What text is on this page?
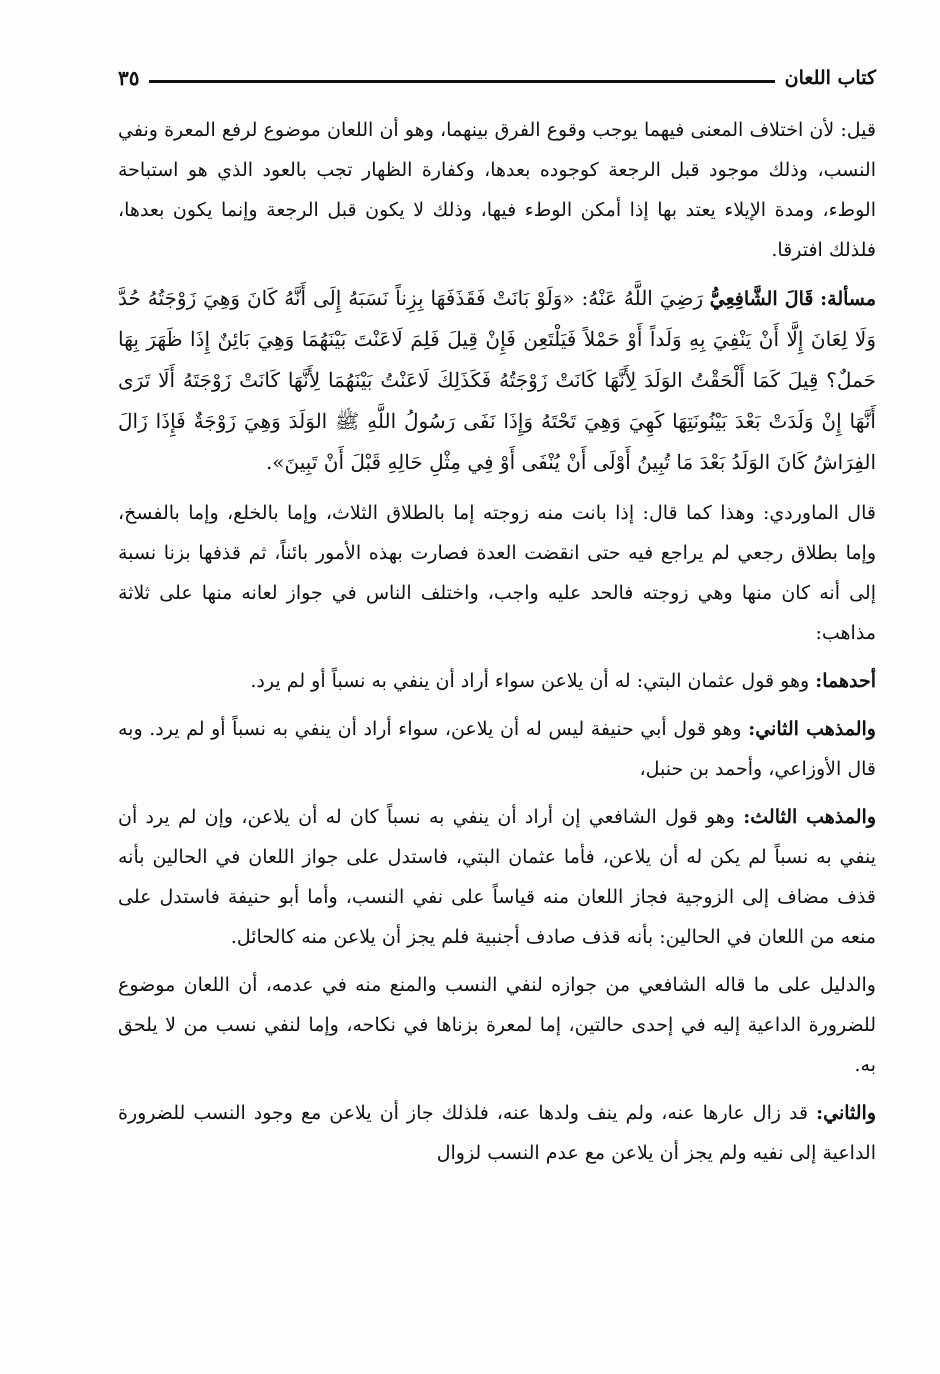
كتاب اللعان
٣٥

قيل: لأن اختلاف المعنى فيهما يوجب وقوع الفرق بينهما، وهو أن اللعان موضوع لرفع المعرة ونفي النسب، وذلك موجود قبل الرجعة كوجوده بعدها، وكفارة الظهار تجب بالعود الذي هو استباحة الوطء، ومدة الإيلاء يعتد بها إذا أمكن الوطء فيها، وذلك لا يكون قبل الرجعة وإنما يكون بعدها، فلذلك افترقا.

مسألة: قَالَ الشَّافِعِيُّ رَضِيَ اللَّهُ عَنْهُ: «وَلَوْ بَانَتْ فَقَذَفَهَا بِزِناً نَسَبَهُ إِلَى أَنَّهُ كَانَ وَهِيَ زَوْجَتُهُ حُدَّ وَلَا لِعَانَ إِلَّا أَنْ يَنْفِيَ بِهِ وَلَداً أَوْ حَمْلاً فَيَلْتَعِن فَإِنْ قِيلَ فَلِمَ لَاعَنْتَ بَيْنَهُمَا وَهِيَ بَائِنٌ إِذَا ظَهَرَ بِهَا حَملٌ؟ قِيلَ كَمَا أَلْحَقْتُ الوَلَدَ لِأَنَّهَا كَانَتْ زَوْجَتُهُ فَكَذَلِكَ لَاعَنْتُ بَيْنَهُمَا لِأَنَّهَا كَانَتْ زَوْجَتَهُ أَلَا تَرَى أَنَّهَا إِنْ وَلَدَتْ بَعْدَ بَيْنُونَتِهَا كَهِيَ وَهِيَ تَحْتَهُ وَإِذَا نَفَى رَسُولُ اللَّهِ ﷺ الوَلَدَ وَهِيَ زَوْجَةٌ فَإِذَا زَالَ الفِرَاشُ كَانَ الوَلَدُ بَعْدَ مَا تُبِينُ أَوْلَى أَنْ يُنْفَى أَوْ فِي مِثْلِ حَالِهِ قَبْلَ أَنْ تَبِينَ».

قال الماوردي: وهذا كما قال: إذا بانت منه زوجته إما بالطلاق الثلاث، وإما بالخلع، وإما بالفسخ، وإما بطلاق رجعي لم يراجع فيه حتى انقضت العدة فصارت بهذه الأمور بائناً، ثم قذفها بزنا نسبة إلى أنه كان منها وهي زوجته فالحد عليه واجب، واختلف الناس في جواز لعانه منها على ثلاثة مذاهب:

أحدهما: وهو قول عثمان البتي: له أن يلاعن سواء أراد أن ينفي به نسباً أو لم يرد.

والمذهب الثاني: وهو قول أبي حنيفة ليس له أن يلاعن، سواء أراد أن ينفي به نسباً أو لم يرد. وبه قال الأوزاعي، وأحمد بن حنبل،

والمذهب الثالث: وهو قول الشافعي إن أراد أن ينفي به نسباً كان له أن يلاعن، وإن لم يرد أن ينفي به نسباً لم يكن له أن يلاعن، فأما عثمان البتي، فاستدل على جواز اللعان في الحالين بأنه قذف مضاف إلى الزوجية فجاز اللعان منه قياساً على نفي النسب، وأما أبو حنيفة فاستدل على منعه من اللعان في الحالين: بأنه قذف صادف أجنبية فلم يجز أن يلاعن منه كالحائل.

والدليل على ما قاله الشافعي من جوازه لنفي النسب والمنع منه في عدمه، أن اللعان موضوع للضرورة الداعية إليه في إحدى حالتين، إما لمعرة بزناها في نكاحه، وإما لنفي نسب من لا يلحق به.

والثاني: قد زال عارها عنه، ولم ينف ولدها عنه، فلذلك جاز أن يلاعن مع وجود النسب للضرورة الداعية إلى نفيه ولم يجز أن يلاعن مع عدم النسب لزوال
